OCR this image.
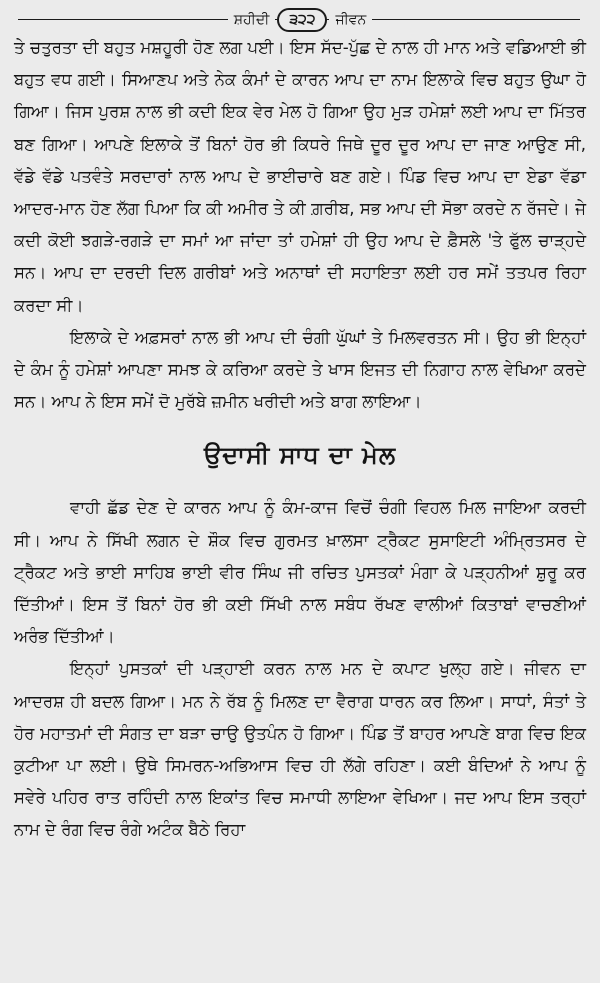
ਸ਼ਹੀਦੀ	੩੨੨	ਜੀਵਨ

ਤੇ ਚਤੁਰਤਾ ਦੀ ਬਹੁਤ ਮਸ਼ਹੂਰੀ ਹੋਣ ਲਗ ਪਈ। ਇਸ ਸੱਦ-ਪੁੱਛ ਦੇ ਨਾਲ ਹੀ ਮਾਨ ਅਤੇ ਵਡਿਆਈ ਭੀ ਬਹੁਤ ਵਧ ਗਈ। ਸਿਆਣਪ ਅਤੇ ਨੇਕ ਕੰਮਾਂ ਦੇ ਕਾਰਨ ਆਪ ਦਾ ਨਾਮ ਇਲਾਕੇ ਵਿਚ ਬਹੁਤ ਉਘਾ ਹੋ ਗਿਆ। ਜਿਸ ਪੁਰਸ਼ ਨਾਲ ਭੀ ਕਦੀ ਇਕ ਵੇਰ ਮੇਲ ਹੋ ਗਿਆ ਉਹ ਮੁੜ ਹਮੇਸ਼ਾਂ ਲਈ ਆਪ ਦਾ ਮਿੱਤਰ ਬਣ ਗਿਆ। ਆਪਣੇ ਇਲਾਕੇ ਤੋਂ ਬਿਨਾਂ ਹੋਰ ਭੀ ਕਿਧਰੇ ਜਿਥੇ ਦੂਰ ਦੂਰ ਆਪ ਦਾ ਜਾਣ ਆਉਣ ਸੀ, ਵੱਡੇ ਵੱਡੇ ਪਤਵੰਤੇ ਸਰਦਾਰਾਂ ਨਾਲ ਆਪ ਦੇ ਭਾਈਚਾਰੇ ਬਣ ਗਏ। ਪਿੰਡ ਵਿਚ ਆਪ ਦਾ ਏਡਾ ਵੱਡਾ ਆਦਰ-ਮਾਨ ਹੋਣ ਲੱਗ ਪਿਆ ਕਿ ਕੀ ਅਮੀਰ ਤੇ ਕੀ ਗ਼ਰੀਬ, ਸਭ ਆਪ ਦੀ ਸੋਭਾ ਕਰਦੇ ਨ ਰੱਜਦੇ। ਜੇ ਕਦੀ ਕੋਈ ਝਗੜੇ-ਰਗੜੇ ਦਾ ਸਮਾਂ ਆ ਜਾਂਦਾ ਤਾਂ ਹਮੇਸ਼ਾਂ ਹੀ ਉਹ ਆਪ ਦੇ ਫ਼ੈਸਲੇ 'ਤੇ ਫੁੱਲ ਚਾੜ੍ਹਦੇ ਸਨ। ਆਪ ਦਾ ਦਰਦੀ ਦਿਲ ਗਰੀਬਾਂ ਅਤੇ ਅਨਾਥਾਂ ਦੀ ਸਹਾਇਤਾ ਲਈ ਹਰ ਸਮੇਂ ਤਤਪਰ ਰਿਹਾ ਕਰਦਾ ਸੀ।

ਇਲਾਕੇ ਦੇ ਅਫ਼ਸਰਾਂ ਨਾਲ ਭੀ ਆਪ ਦੀ ਚੰਗੀ ਘੁੱਘਾਂ ਤੇ ਮਿਲਵਰਤਨ ਸੀ। ਉਹ ਭੀ ਇਨ੍ਹਾਂ ਦੇ ਕੰਮ ਨੂੰ ਹਮੇਸ਼ਾਂ ਆਪਣਾ ਸਮਝ ਕੇ ਕਰਿਆ ਕਰਦੇ ਤੇ ਖਾਸ ਇਜਤ ਦੀ ਨਿਗਾਹ ਨਾਲ ਵੇਖਿਆ ਕਰਦੇ ਸਨ। ਆਪ ਨੇ ਇਸ ਸਮੇਂ ਦੋ ਮੁਰੱਬੇ ਜ਼ਮੀਨ ਖਰੀਦੀ ਅਤੇ ਬਾਗ ਲਾਇਆ।

ਉਦਾਸੀ ਸਾਧ ਦਾ ਮੇਲ

ਵਾਹੀ ਛੱਡ ਦੇਣ ਦੇ ਕਾਰਨ ਆਪ ਨੂੰ ਕੰਮ-ਕਾਜ ਵਿਚੋਂ ਚੰਗੀ ਵਿਹਲ ਮਿਲ ਜਾਇਆ ਕਰਦੀ ਸੀ। ਆਪ ਨੇ ਸਿੱਖੀ ਲਗਨ ਦੇ ਸ਼ੌਕ ਵਿਚ ਗੁਰਮਤ ਖ਼ਾਲਸਾ ਟ੍ਰੈਕਟ ਸੁਸਾਇਟੀ ਅੰਮ੍ਰਿਤਸਰ ਦੇ ਟ੍ਰੈਕਟ ਅਤੇ ਭਾਈ ਸਾਹਿਬ ਭਾਈ ਵੀਰ ਸਿੰਘ ਜੀ ਰਚਿਤ ਪੁਸਤਕਾਂ ਮੰਗਾ ਕੇ ਪੜ੍ਹਨੀਆਂ ਸ਼ੁਰੂ ਕਰ ਦਿੱਤੀਆਂ। ਇਸ ਤੋਂ ਬਿਨਾਂ ਹੋਰ ਭੀ ਕਈ ਸਿੱਖੀ ਨਾਲ ਸਬੰਧ ਰੱਖਣ ਵਾਲੀਆਂ ਕਿਤਾਬਾਂ ਵਾਚਣੀਆਂ ਅਰੰਭ ਦਿੱਤੀਆਂ।

ਇਨ੍ਹਾਂ ਪੁਸਤਕਾਂ ਦੀ ਪੜ੍ਹਾਈ ਕਰਨ ਨਾਲ ਮਨ ਦੇ ਕਪਾਟ ਖੁਲ੍ਹ ਗਏ। ਜੀਵਨ ਦਾ ਆਦਰਸ਼ ਹੀ ਬਦਲ ਗਿਆ। ਮਨ ਨੇ ਰੱਬ ਨੂੰ ਮਿਲਣ ਦਾ ਵੈਰਾਗ ਧਾਰਨ ਕਰ ਲਿਆ। ਸਾਧਾਂ, ਸੰਤਾਂ ਤੇ ਹੋਰ ਮਹਾਤਮਾਂ ਦੀ ਸੰਗਤ ਦਾ ਬੜਾ ਚਾਉ ਉਤਪੰਨ ਹੋ ਗਿਆ। ਪਿੰਡ ਤੋਂ ਬਾਹਰ ਆਪਣੇ ਬਾਗ ਵਿਚ ਇਕ ਕੁਟੀਆ ਪਾ ਲਈ। ਉਥੇ ਸਿਮਰਨ-ਅਭਿਆਸ ਵਿਚ ਹੀ ਲੱਗੇ ਰਹਿਣਾ। ਕਈ ਬੰਦਿਆਂ ਨੇ ਆਪ ਨੂੰ ਸਵੇਰੇ ਪਹਿਰ ਰਾਤ ਰਹਿੰਦੀ ਨਾਲ ਇਕਾਂਤ ਵਿਚ ਸਮਾਧੀ ਲਾਇਆ ਵੇਖਿਆ। ਜਦ ਆਪ ਇਸ ਤਰ੍ਹਾਂ ਨਾਮ ਦੇ ਰੰਗ ਵਿਚ ਰੰਗੇ ਅਟੰਕ ਬੈਠੇ ਰਿਹਾ
